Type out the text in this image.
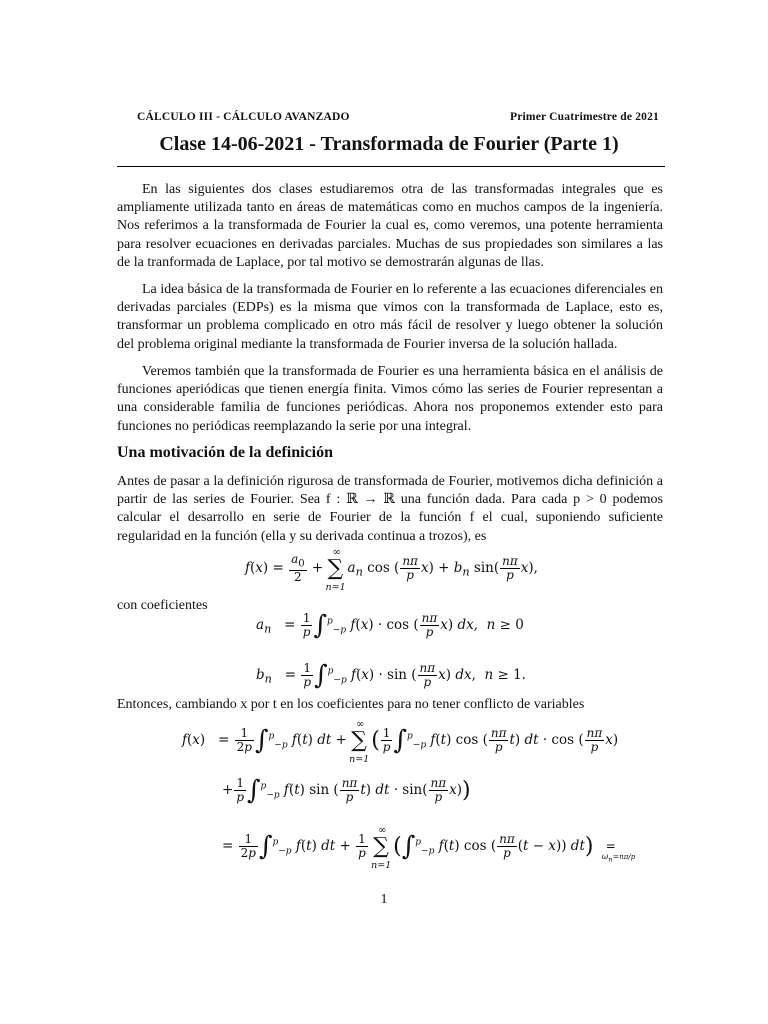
CÁLCULO III - CÁLCULO AVANZADO	Primer Cuatrimestre de 2021
Clase 14-06-2021 - Transformada de Fourier (Parte 1)
En las siguientes dos clases estudiaremos otra de las transformadas integrales que es ampliamente utilizada tanto en áreas de matemáticas como en muchos campos de la ingeniería. Nos referimos a la transformada de Fourier la cual es, como veremos, una potente herramienta para resolver ecuaciones en derivadas parciales. Muchas de sus propiedades son similares a las de la tranformada de Laplace, por tal motivo se demostrarán algunas de llas.
La idea básica de la transformada de Fourier en lo referente a las ecuaciones diferenciales en derivadas parciales (EDPs) es la misma que vimos con la transformada de Laplace, esto es, transformar un problema complicado en otro más fácil de resolver y luego obtener la solución del problema original mediante la transformada de Fourier inversa de la solución hallada.
Veremos también que la transformada de Fourier es una herramienta básica en el análisis de funciones aperiódicas que tienen energía finita. Vimos cómo las series de Fourier representan a una considerable familia de funciones periódicas. Ahora nos proponemos extender esto para funciones no periódicas reemplazando la serie por una integral.
Una motivación de la definición
Antes de pasar a la definición rigurosa de transformada de Fourier, motivemos dicha definición a partir de las series de Fourier. Sea f : ℝ → ℝ una función dada. Para cada p > 0 podemos calcular el desarrollo en serie de Fourier de la función f el cual, suponiendo suficiente regularidad en la función (ella y su derivada continua a trozos), es
$f(x) = \frac{a_0}{2}$ + ∑
∞
n=1
$a_n$ cos ( $\frac{n\pi}{p} x) + b_n$ $\sin( \frac{n\pi}{p} x)$,
con coeficientes
$a_n = \frac{1}{p} \int^p_{-p}$ f(x) · cos ( $\frac{n\pi}{p} x$) dx,  n ≥ 0
$b_n = \frac{1}{p} \int^p_{-p}$ f(x) · sin ( $\frac{n\pi}{p} x$) dx,  n ≥ 1.
Entonces, cambiando x por t en los coeficientes para no tener conflicto de variables
$f(x) = \frac{1}{2p} \int^p_{-p}$ f(t) dt + ∑
∞
n=1
( $\frac{1}{p} \int^p_{-p}$ f(t) cos ( $\frac{n\pi}{p} t$) dt · cos ( $\frac{n\pi}{p} x$)
+ $\frac{1}{p} \int^p_{-p}$ f(t) sin ( $\frac{n\pi}{p} t$) dt · $\sin( \frac{n\pi}{p} x)$)
= $\frac{1}{2p} \int^p_{-p}$ f(t) dt + $\frac{1}{p}$ ∑
∞
n=1
(∫$^p_{-p}$ f(t) cos ( $\frac{n\pi}{p} (t - x)$) dt) =
$\omega_n=n\pi/p$
1
